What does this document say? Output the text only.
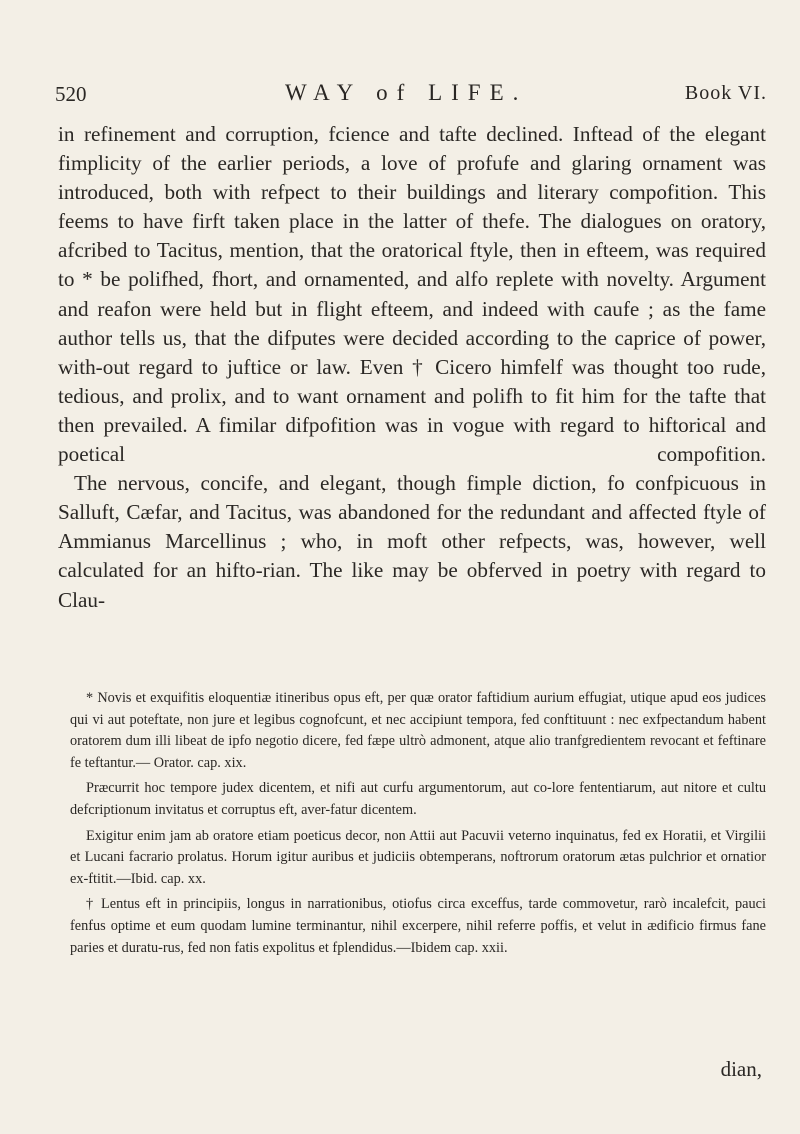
520	WAY of LIFE.	Book VI.

in refinement and corruption, fcience and tafte declined. Inftead of the elegant fimplicity of the earlier periods, a love of profufe and glaring ornament was introduced, both with refpect to their buildings and literary compofition. This feems to have firft taken place in the latter of thefe. The dialogues on oratory, afcribed to Tacitus, mention, that the oratorical ftyle, then in efteem, was required to * be polifhed, fhort, and ornamented, and alfo replete with novelty. Argument and reafon were held but in flight efteem, and indeed with caufe ; as the fame author tells us, that the difputes were decided according to the caprice of power, with-out regard to juftice or law. Even † Cicero himfelf was thought too rude, tedious, and prolix, and to want ornament and polifh to fit him for the tafte that then prevailed. A fimilar difpofition was in vogue with regard to hiftorical and poetical compofition.

The nervous, concife, and elegant, though fimple diction, fo confpicuous in Salluft, Cæfar, and Tacitus, was abandoned for the redundant and affected ftyle of Ammianus Marcellinus ; who, in moft other refpects, was, however, well calculated for an hifto-rian. The like may be obferved in poetry with regard to Clau-

* Novis et exquifitis eloquentiæ itineribus opus eft, per quæ orator faftidium aurium effugiat, utique apud eos judices qui vi aut poteftate, non jure et legibus cognofcunt, et nec accipiunt tempora, fed conftituunt : nec exfpectandum habent oratorem dum illi libeat de ipfo negotio dicere, fed fæpe ultrò admonent, atque alio tranfgredientem revocant et feftinare fe teftantur.— Orator. cap. xix.

Præcurrit hoc tempore judex dicentem, et nifi aut curfu argumentorum, aut co-lore fententiarum, aut nitore et cultu defcriptionum invitatus et corruptus eft, aver-fatur dicentem.

Exigitur enim jam ab oratore etiam poeticus decor, non Attii aut Pacuvii veterno inquinatus, fed ex Horatii, et Virgilii et Lucani facrario prolatus. Horum igitur auribus et judiciis obtemperans, noftrorum oratorum ætas pulchrior et ornatior ex-ftitit.—Ibid. cap. xx.

† Lentus eft in principiis, longus in narrationibus, otiofus circa exceffus, tarde commovetur, rarò incalefcit, pauci fenfus optime et eum quodam lumine terminantur, nihil excerpere, nihil referre poffis, et velut in ædificio firmus fane paries et duratu-rus, fed non fatis expolitus et fplendidus.—Ibidem cap. xxii.

dian,
